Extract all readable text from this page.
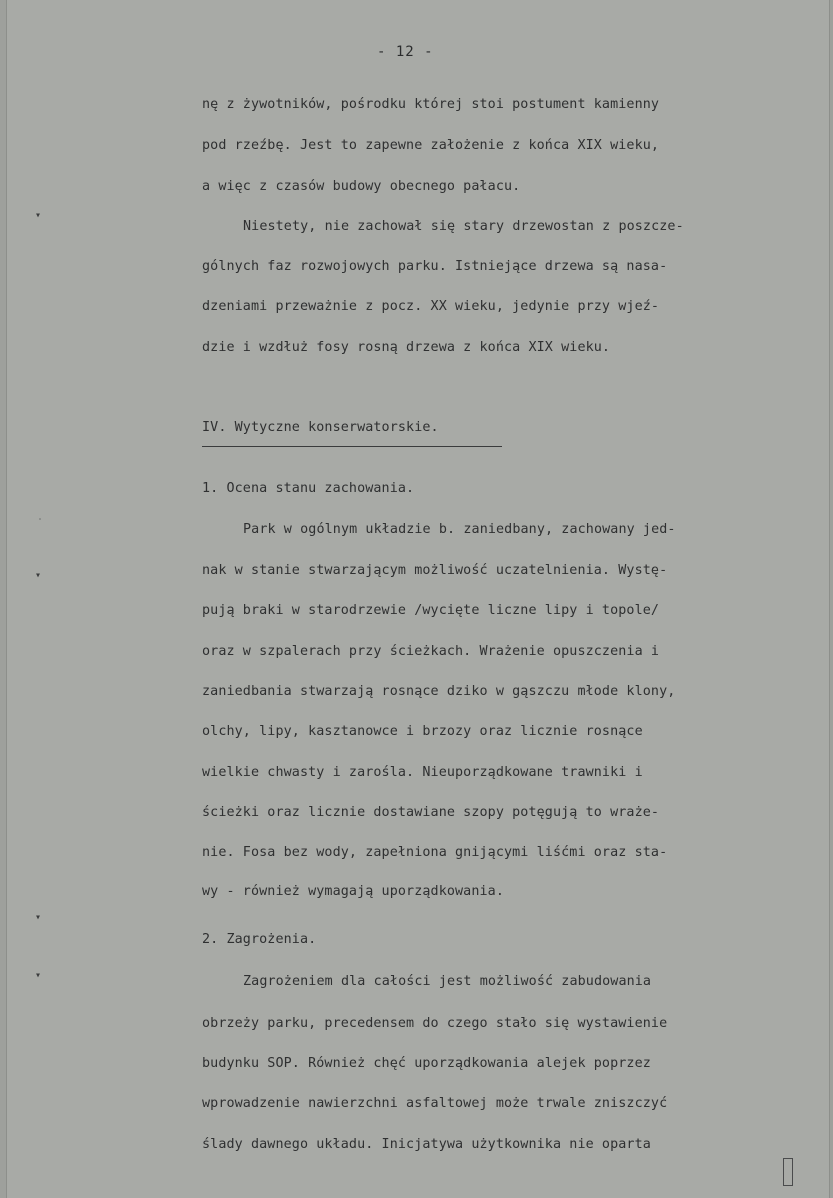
- 12 -
nę z żywotników, pośrodku której stoi postument kamienny
pod rzeźbę. Jest to zapewne założenie z końca XIX wieku,
a więc z czasów budowy obecnego pałacu.
Niestety, nie zachował się stary drzewostan z poszcze-
gólnych faz rozwojowych parku. Istniejące drzewa są nasa-
dzeniami przeważnie z pocz. XX wieku, jedynie przy wjeź-
dzie i wzdłuż fosy rosną drzewa z końca XIX wieku.
IV. Wytyczne konserwatorskie.
1. Ocena stanu zachowania.
Park w ogólnym układzie b. zaniedbany, zachowany jed-
nak w stanie stwarzającym możliwość uczatelnienia. Wystę-
pują braki w starodrzewie /wycięte liczne lipy i topole/
oraz w szpalerach przy ścieżkach. Wrażenie opuszczenia i
zaniedbania stwarzają rosnące dziko w gąszczu młode klony,
olchy, lipy, kasztanowce i brzozy oraz licznie rosnące
wielkie chwasty i zarośla. Nieuporządkowane trawniki i
ścieżki oraz licznie dostawiane szopy potęgują to wraże-
nie. Fosa bez wody, zapełniona gnijącymi liśćmi oraz sta-
wy - również wymagają uporządkowania.
2. Zagrożenia.
Zagrożeniem dla całości jest możliwość zabudowania
obrzeży parku, precedensem do czego stało się wystawienie
budynku SOP. Również chęć uporządkowania alejek poprzez
wprowadzenie nawierzchni asfaltowej może trwale zniszczyć
ślady dawnego układu. Inicjatywa użytkownika nie oparta
▾
˙
▾
▾
▾
